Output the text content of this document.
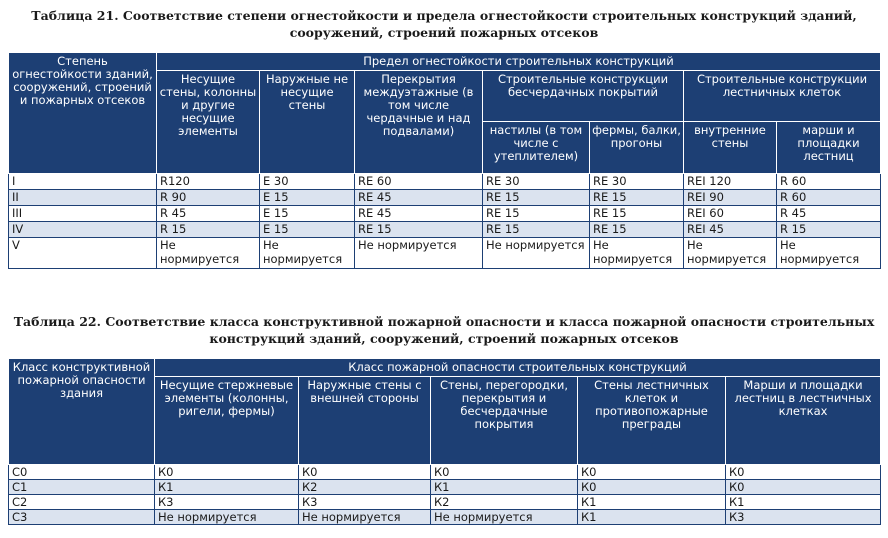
Таблица 21. Соответствие степени огнестойкости и предела огнестойкости строительных конструкций зданий,
сооружений, строений пожарных отсеков
Степень огнестойкости зданий, сооружений, строений и пожарных отсеков	Предел огнестойкости строительных конструкций						
	Несущие стены, колонны и другие несущие элементы	Наружные не несущие стены	Перекрытия междуэтажные (в том числе чердачные и над подвалами)	Строительные конструкции бесчердачных покрытий		Строительные конструкции лестничных клеток	
				настилы (в том числе с утеплителем)	фермы, балки, прогоны	внутренние стены	марши и площадки лестниц
I	R120	Е 30	RE 60	RE 30	RE 30	REI 120	R 60
II	R 90	Е 15	RE 45	RE 15	RE 15	REI 90	R 60
III	R 45	Е 15	RE 45	RE 15	RE 15	REI 60	R 45
IV	R 15	Е 15	RE 15	RE 15	RE 15	REI 45	R 15
V	Не нормируется	Не нормируется	Не нормируется	Не нормируется	Не нормируется	Не нормируется	Не нормируется
Таблица 22. Соответствие класса конструктивной пожарной опасности и класса пожарной опасности строительных
конструкций зданий, сооружений, строений пожарных отсеков
Класс конструктивной пожарной опасности здания	Класс пожарной опасности строительных конструкций				
	Несущие стержневые элементы (колонны, ригели, фермы)	Наружные стены с внешней стороны	Стены, перегородки, перекрытия и бесчердачные покрытия	Стены лестничных клеток и противопожарные преграды	Марши и площадки лестниц в лестничных клетках
С0	К0	К0	К0	К0	К0
С1	К1	К2	К1	К0	К0
С2	К3	К3	К2	К1	К1
С3	Не нормируется	Не нормируется	Не нормируется	К1	К3
